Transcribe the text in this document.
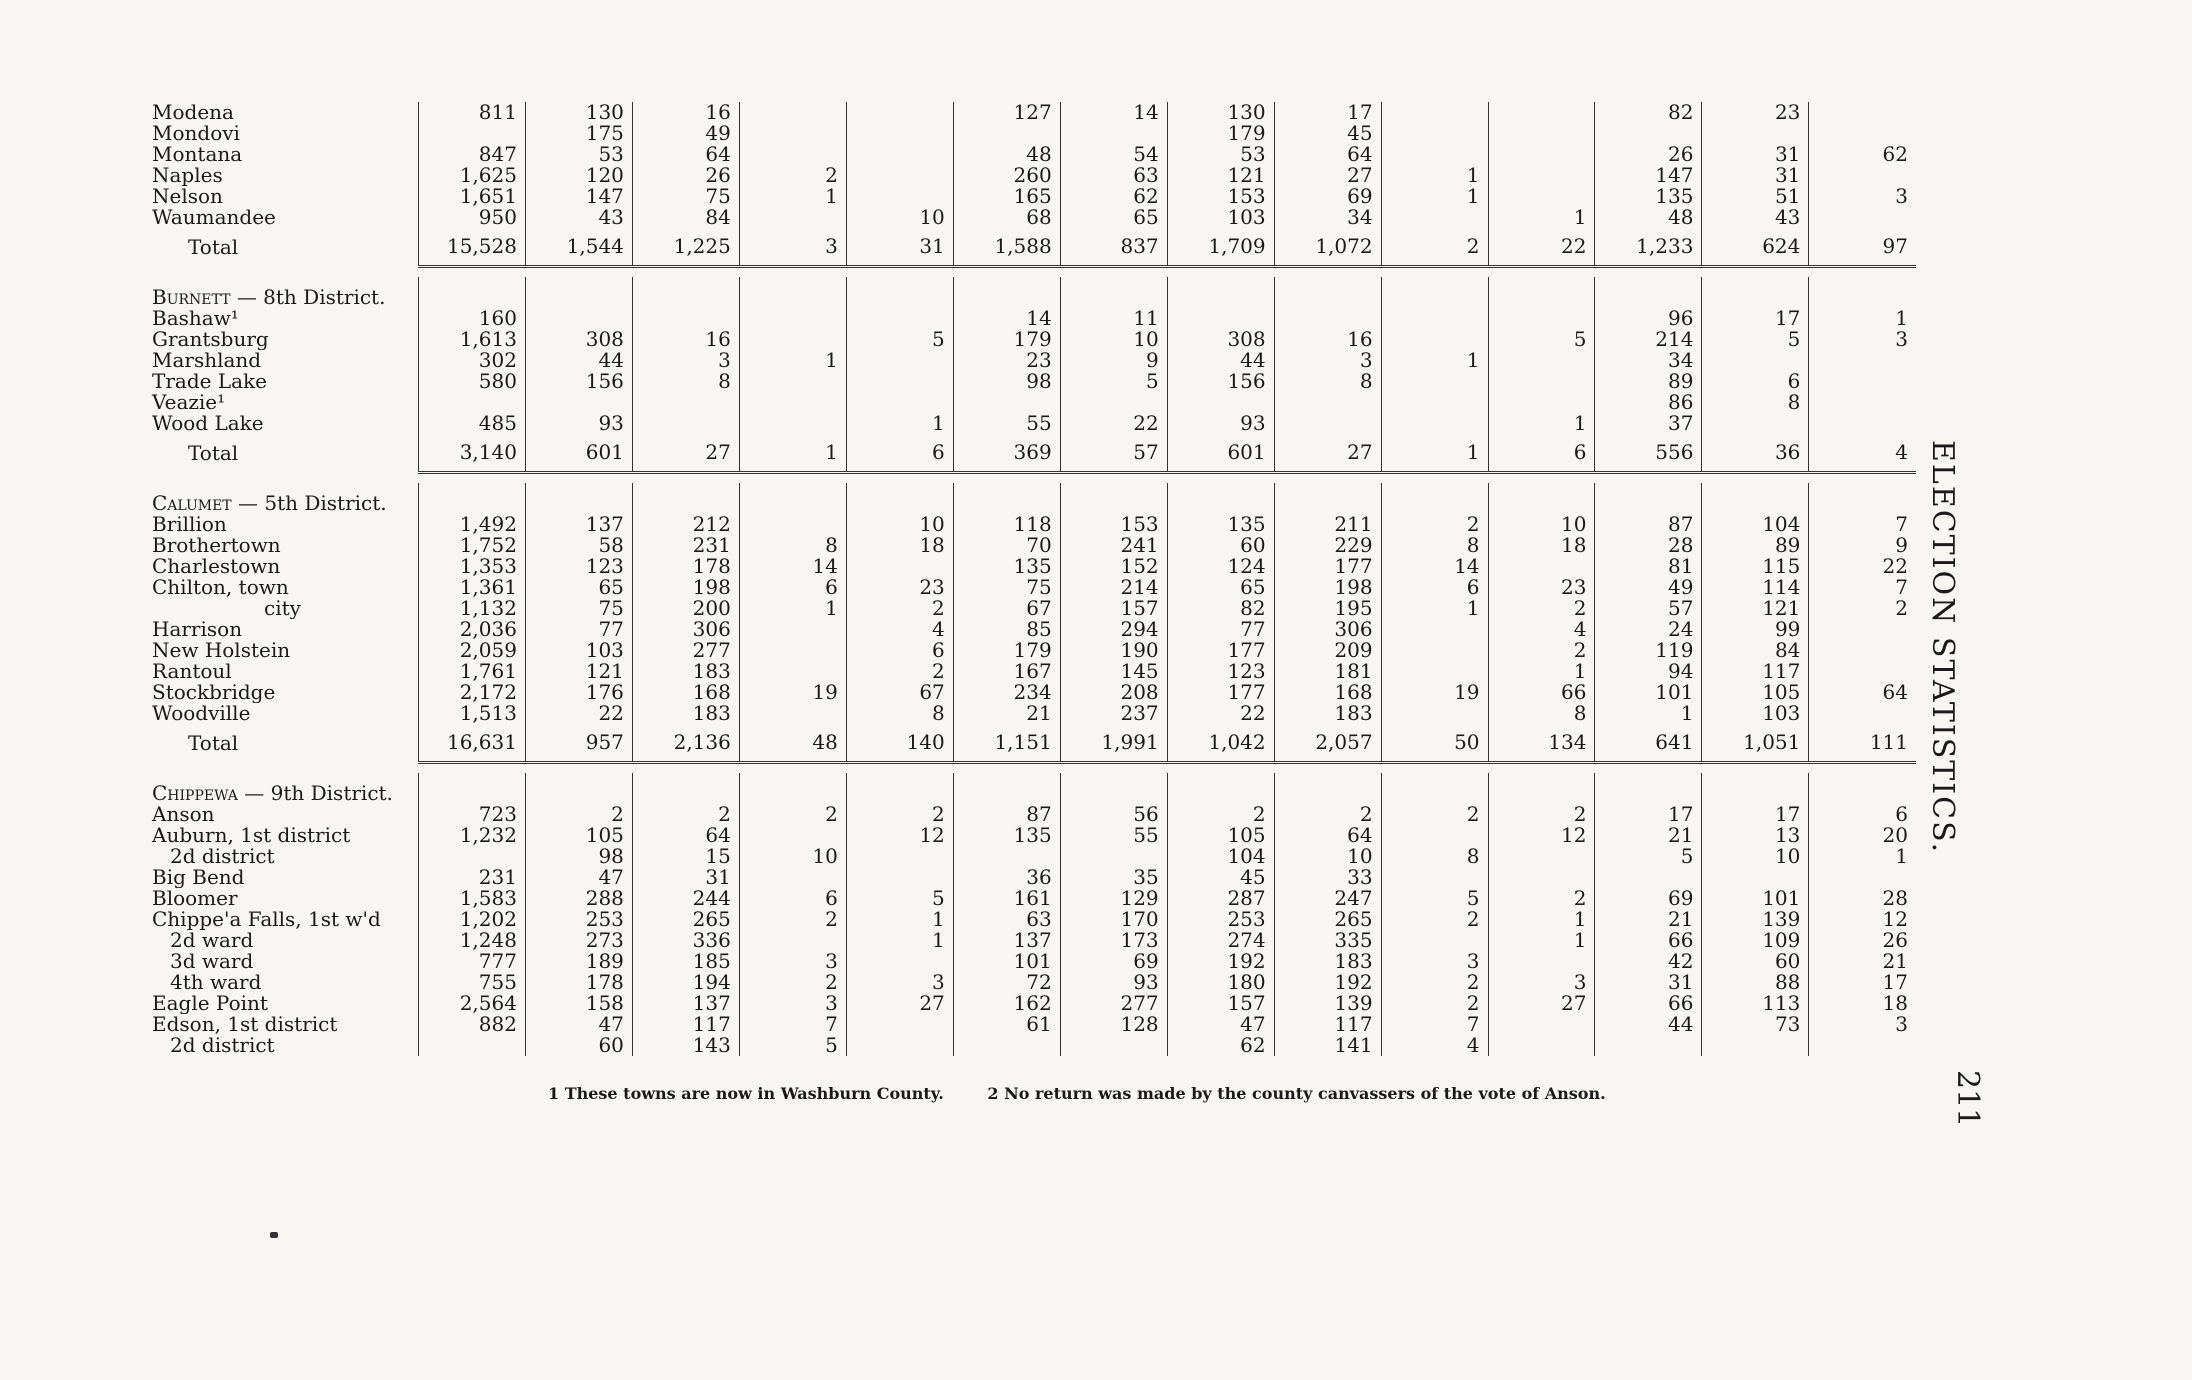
Modena	811	130	16			127	14	130	17			82	23	
Mondovi		175	49					179	45					
Montana	847	53	64			48	54	53	64			26	31	62
Naples	1,625	120	26	2		260	63	121	27	1		147	31	
Nelson	1,651	147	75	1		165	62	153	69	1		135	51	3
Waumandee	950	43	84		10	68	65	103	34		1	48	43	
Total	15,528	1,544	1,225	3	31	1,588	837	1,709	1,072	2	22	1,233	624	97

Burnett — 8th District.														
Bashaw¹	160					14	11					96	17	1
Grantsburg	1,613	308	16		5	179	10	308	16		5	214	5	3
Marshland	302	44	3	1		23	9	44	3	1		34		
Trade Lake	580	156	8			98	5	156	8			89	6	
Veazie¹												86	8	
Wood Lake	485	93			1	55	22	93			1	37		
Total	3,140	601	27	1	6	369	57	601	27	1	6	556	36	4

Calumet — 5th District.														
Brillion	1,492	137	212		10	118	153	135	211	2	10	87	104	7
Brothertown	1,752	58	231	8	18	70	241	60	229	8	18	28	89	9
Charlestown	1,353	123	178	14		135	152	124	177	14		81	115	22
Chilton, town	1,361	65	198	6	23	75	214	65	198	6	23	49	114	7
city	1,132	75	200	1	2	67	157	82	195	1	2	57	121	2
Harrison	2,036	77	306		4	85	294	77	306		4	24	99	
New Holstein	2,059	103	277		6	179	190	177	209		2	119	84	
Rantoul	1,761	121	183		2	167	145	123	181		1	94	117	
Stockbridge	2,172	176	168	19	67	234	208	177	168	19	66	101	105	64
Woodville	1,513	22	183		8	21	237	22	183		8	1	103	
Total	16,631	957	2,136	48	140	1,151	1,991	1,042	2,057	50	134	641	1,051	111

Chippewa — 9th District.														
Anson	723	2	2	2	2	87	56	2	2	2	2	17	17	6
Auburn, 1st district	1,232	105	64		12	135	55	105	64		12	21	13	20
2d district		98	15	10				104	10	8		5	10	1
Big Bend	231	47	31			36	35	45	33					
Bloomer	1,583	288	244	6	5	161	129	287	247	5	2	69	101	28
Chippe'a Falls, 1st w'd	1,202	253	265	2	1	63	170	253	265	2	1	21	139	12
2d ward	1,248	273	336		1	137	173	274	335		1	66	109	26
3d ward	777	189	185	3		101	69	192	183	3		42	60	21
4th ward	755	178	194	2	3	72	93	180	192	2	3	31	88	17
Eagle Point	2,564	158	137	3	27	162	277	157	139	2	27	66	113	18
Edson, 1st district	882	47	117	7		61	128	47	117	7		44	73	3
2d district		60	143	5				62	141	4				
1 These towns are now in Washburn County.	2 No return was made by the county canvassers of the vote of Anson.
ELECTION STATISTICS.
211
